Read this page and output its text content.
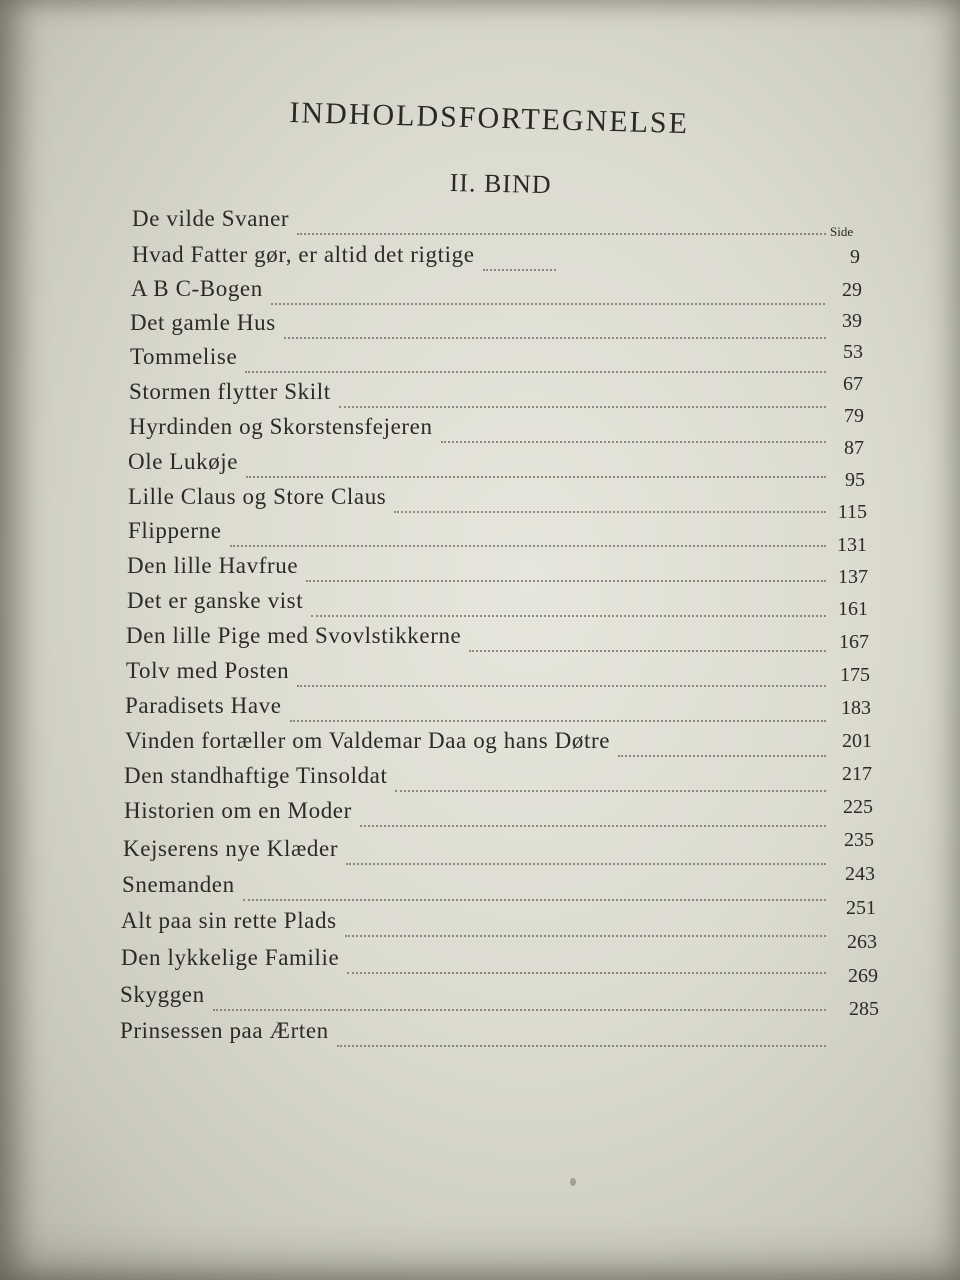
INDHOLDSFORTEGNELSE
II. BIND
Side
De vilde Svaner
Hvad Fatter gør, er altid det rigtige
A B C-Bogen
Det gamle Hus
Tommelise
Stormen flytter Skilt
Hyrdinden og Skorstensfejeren
Ole Lukøje
Lille Claus og Store Claus
Flipperne
Den lille Havfrue
Det er ganske vist
Den lille Pige med Svovlstikkerne
Tolv med Posten
Paradisets Have
Vinden fortæller om Valdemar Daa og hans Døtre
Den standhaftige Tinsoldat
Historien om en Moder
Kejserens nye Klæder
Snemanden
Alt paa sin rette Plads
Den lykkelige Familie
Skyggen
Prinsessen paa Ærten
9
29
39
53
67
79
87
95
115
131
137
161
167
175
183
201
217
225
235
243
251
263
269
285
